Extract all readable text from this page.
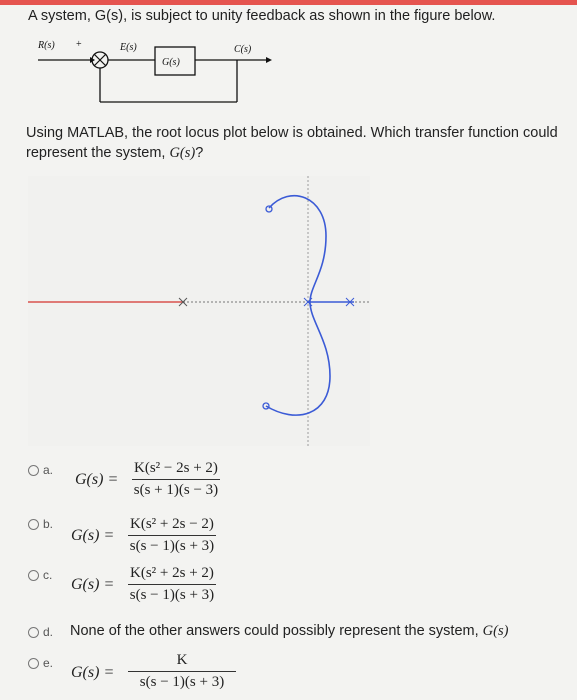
A system, G(s), is subject to unity feedback as shown in the figure below.
R(s) +	E(s)
G(s)
C(s)
Using MATLAB, the root locus plot below is obtained. Which transfer function could represent the system, G(s)?
a.
$G(s) = \frac{\text{K(s² − 2s + 2)}}{s(s + 1)(s - 3)}$
b.
$G(s) = \frac{\text{K(s² + 2s − 2)}}{s(s - 1)(s + 3)}$
c.
$G(s) = \frac{\text{K(s² + 2s + 2)}}{s(s - 1)(s + 3)}$
d. None of the other answers could possibly represent the system, G(s)
e.
$G(s) = \frac{K}{s(s - 1)(s + 3)}$
